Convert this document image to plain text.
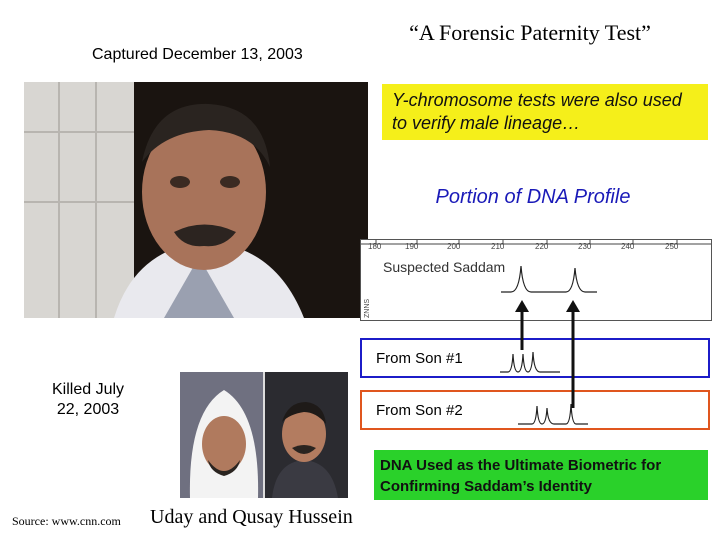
“A Forensic Paternity Test”
Captured December 13, 2003
Y-chromosome tests were also used to verify male lineage…
Portion of DNA Profile
180	190	200	210	220	230	240	250
Suspected Saddam
ZNNS
From Son #1
From Son #2
Killed July 22, 2003
DNA Used as the Ultimate Biometric for Confirming Saddam’s Identity
Source: www.cnn.com Uday and Qusay Hussein
